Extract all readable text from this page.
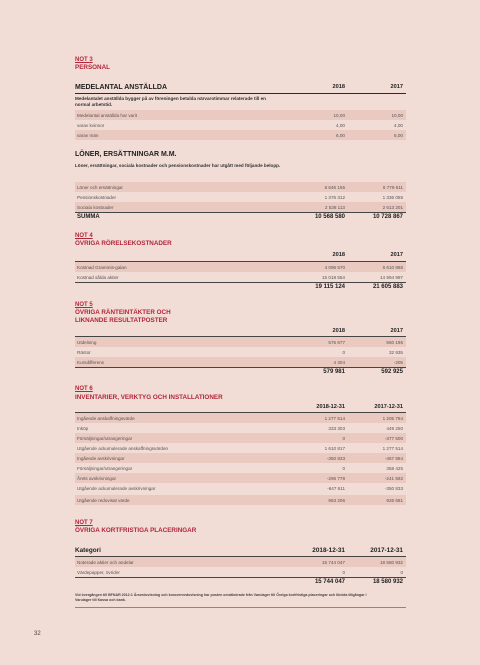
NOT 3
PERSONAL
MEDELANTAL ANSTÄLLDA	2018	2017
Medelantalet anställda bygger på av föreningen betalda närvarotimmar relaterade till en normal arbetstid.
Medelantal anställda har varit	10,00	10,00
varav kvinnor	4,00	4,00
varav män	6,00	6,00
LÖNER, ERSÄTTNINGAR M.M.
Löner, ersättningar, sociala kostnader och pensionskostnader har utgått med följande belopp.
Löner och ersättningar	6 646 155	6 779 611
Pensionskostnader	1 376 312	1 336 055
Sociala kostnader	2 538 113	2 613 201
SUMMA	10 568 580	10 728 867
NOT 4
ÖVRIGA RÖRELSEKOSTNADER
2018	2017
Kostnad Grammis-galan	4 096 570	6 610 886
Kostnad sålda aktier	15 018 554	14 994 997
19 115 124	21 605 883
NOT 5
ÖVRIGA RÄNTEINTÄKTER OCH
LIKNANDE RESULTATPOSTER
2018	2017
Utdelning	575 677	560 195
Räntor	0	32 935
Kursdifferens	4 304	-205
579 981	592 925
NOT 6
INVENTARIER, VERKTYG OCH INSTALLATIONER
2018-12-31	2017-12-31
Ingående anskaffningsvärde	1 277 514	1 205 764
Inköp	333 303	449 250
Försäljningar/utrangeringar	0	-377 500
Utgående ackumulerade anskaffningsvärden	1 610 817	1 277 514
Ingående avskrivningar	-350 833	-467 864
Försäljningar/utrangeringar	0	358 425
Årets avskrivningar	-296 778	-241 592
Utgående ackumulerade avskrivningar	-647 611	-350 833
Utgående redovisat värde	963 206	926 681
NOT 7
ÖVRIGA KORTFRISTIGA PLACERINGAR
Kategori	2018-12-31	2017-12-31
Noterade aktier och andelar	15 744 047	18 580 932
Värdepapper, övrider	0	0
15 744 047	18 580 932
Vid övergången till BFNAR 2012:1 Årsredovisning och koncernredovisning har posten omräknirade från Varulager till Övriga kortfristiga placeringar och likvida tillgångar i Varulager till Kassa och bank.
32
